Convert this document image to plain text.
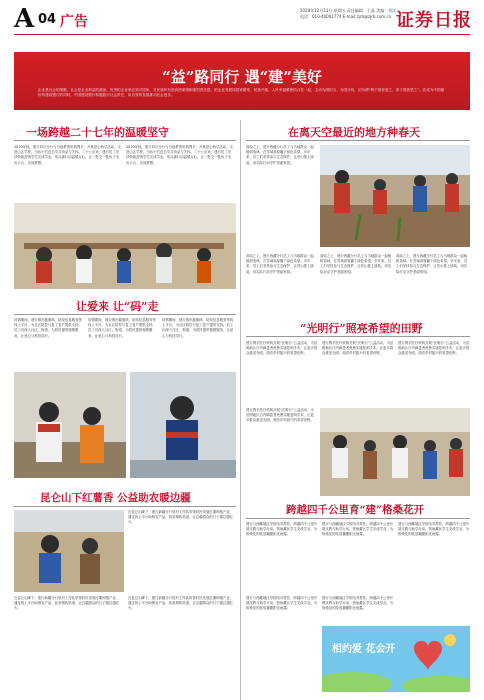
A 04 广告
2020年12月11日 星期五 责任编辑：王晶 美编：刘洋 电话：010-40001774 E-mail:zjrb@zjrb.com.cn 证券日报
“益”路同行 遇“建”美好
企业是社会的细胞，社会是企业利益的源泉。优秀的企业家必须对国家、对民族怀有崇高使命感和强烈责任感，把企业发展同国家繁荣、民族兴盛、人民幸福紧密结合在一起，主动为国担当、为国分忧，正所谓“利于国者爱之，害于国者恶之”。在成为中国最好的建设银行的同时，中国建设银行积极践行社会责任，用自身的发展推动社会进步。
一场跨越二十七年的温暖坚守
2020年秋，建行四川分行与当地教育机构携手，开展爱心助学活动，走进山区学校，为孩子们送去学习用品与关怀。二十七年来，建行员工坚持资助贫困学生完成学业，用点滴行动温暖人心，让一批又一批孩子走出大山、实现梦想。
2020年秋，建行四川分行与当地教育机构携手，开展爱心助学活动，走进山区学校，为孩子们送去学习用品与关怀。二十七年来，建行员工坚持资助贫困学生完成学业，用点滴行动温暖人心，让一批又一批孩子走出大山、实现梦想。
在离天空最近的地方种春天
高原之上，建行西藏分行员工与当地群众一起植树造林，在雪域高原播下绿色希望。多年来，员工们坚持参与生态保护，让荒山披上绿装，用实际行动守护美丽家园。
高原之上，建行西藏分行员工与当地群众一起植树造林，在雪域高原播下绿色希望。多年来，员工们坚持参与生态保护，让荒山披上绿装，用实际行动守护美丽家园。
高原之上，建行西藏分行员工与当地群众一起植树造林，在雪域高原播下绿色希望。多年来，员工们坚持参与生态保护，让荒山披上绿装，用实际行动守护美丽家园。
高原之上，建行西藏分行员工与当地群众一起植树造林，在雪域高原播下绿色希望。多年来，员工们坚持参与生态保护，让荒山披上绿装，用实际行动守护美丽家园。
让爱来 让“码”走
疫情期间，建行推出健康码、防疫信息服务等线上平台，为社区防控与复工复产提供支持。员工们深入社区、街道，为居民提供便捷服务，让爱心与科技同行。
疫情期间，建行推出健康码、防疫信息服务等线上平台，为社区防控与复工复产提供支持。员工们深入社区、街道，为居民提供便捷服务，让爱心与科技同行。
疫情期间，建行推出健康码、防疫信息服务等线上平台，为社区防控与复工复产提供支持。员工们深入社区、街道，为居民提供便捷服务，让爱心与科技同行。
“光明行”照亮希望的田野
建行携手医疗机构开展“光明行”公益活动，为贫困地区白内障患者免费实施复明手术，让更多群众重见光明，照亮乡村振兴的希望田野。
建行携手医疗机构开展“光明行”公益活动，为贫困地区白内障患者免费实施复明手术，让更多群众重见光明，照亮乡村振兴的希望田野。
建行携手医疗机构开展“光明行”公益活动，为贫困地区白内障患者免费实施复明手术，让更多群众重见光明，照亮乡村振兴的希望田野。
建行携手医疗机构开展“光明行”公益活动，为贫困地区白内障患者免费实施复明手术，让更多群众重见光明，照亮乡村振兴的希望田野。
昆仑山下红薯香 公益助农暖边疆
在昆仑山脚下，建行新疆分行驻村工作队带领村民发展红薯种植产业，通过线上平台助销农产品，拓宽增收渠道，让边疆群众的日子越过越红火。
在昆仑山脚下，建行新疆分行驻村工作队带领村民发展红薯种植产业，通过线上平台助销农产品，拓宽增收渠道，让边疆群众的日子越过越红火。
在昆仑山脚下，建行新疆分行驻村工作队带领村民发展红薯种植产业，通过线上平台助销农产品，拓宽增收渠道，让边疆群众的日子越过越红火。
跨越四千公里育“建”格桑花开
建行与西藏地区学校结对帮扶，跨越四千公里开展支教与助学行动，资助藏区学生完成学业，为格桑花的绽放播撒阳光雨露。
建行与西藏地区学校结对帮扶，跨越四千公里开展支教与助学行动，资助藏区学生完成学业，为格桑花的绽放播撒阳光雨露。
建行与西藏地区学校结对帮扶，跨越四千公里开展支教与助学行动，资助藏区学生完成学业，为格桑花的绽放播撒阳光雨露。
建行与西藏地区学校结对帮扶，跨越四千公里开展支教与助学行动，资助藏区学生完成学业，为格桑花的绽放播撒阳光雨露。
建行与西藏地区学校结对帮扶，跨越四千公里开展支教与助学行动，资助藏区学生完成学业，为格桑花的绽放播撒阳光雨露。
相约爱 花会开
